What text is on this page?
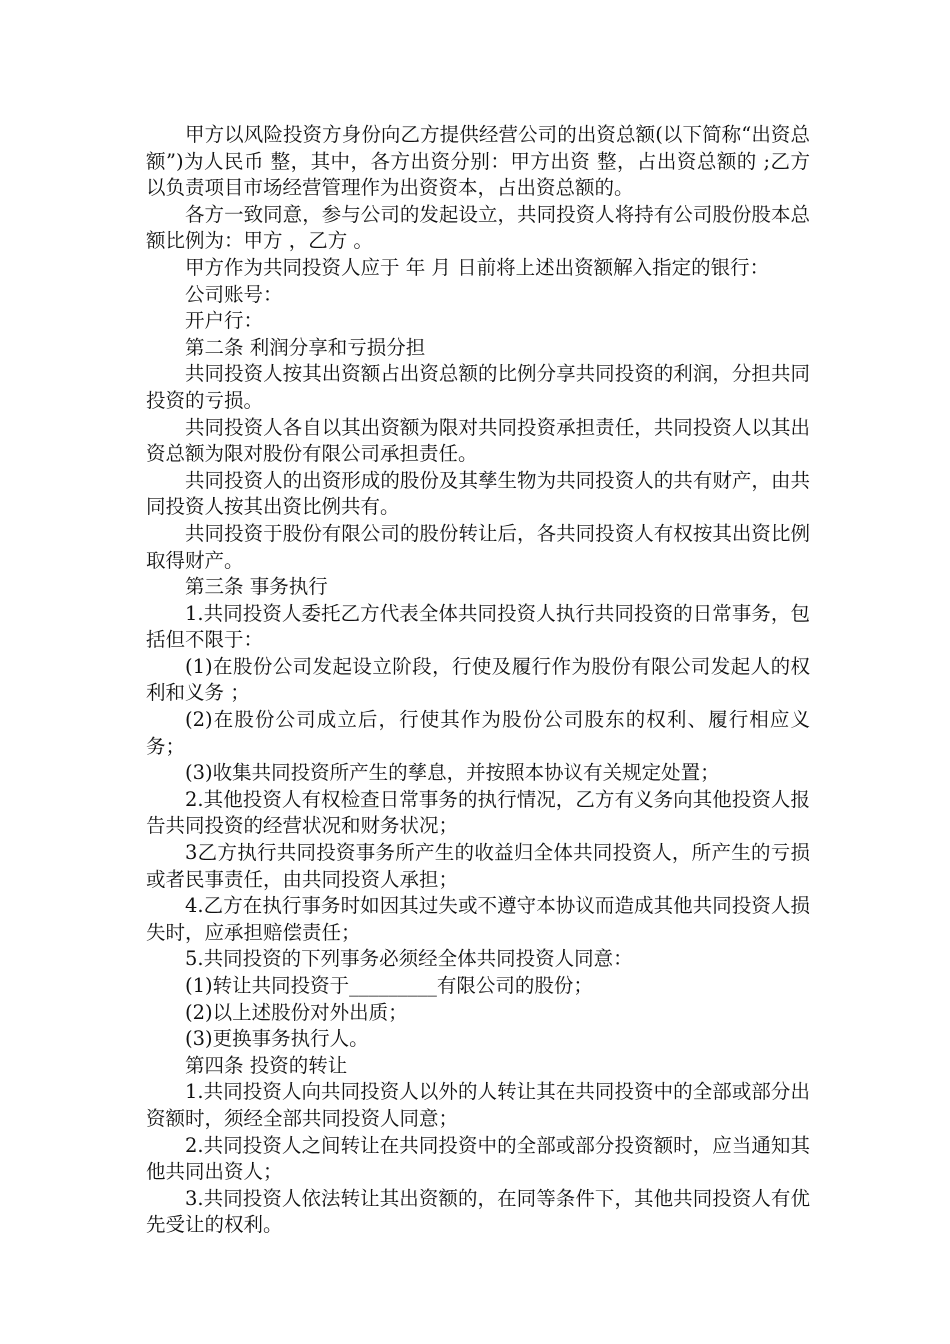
甲方以风险投资方身份向乙方提供经营公司的出资总额(以下简称“出资总额”)为人民币 整，其中，各方出资分别：甲方出资 整，占出资总额的 ;乙方以负责项目市场经营管理作为出资资本，占出资总额的。

各方一致同意，参与公司的发起设立，共同投资人将持有公司股份股本总额比例为：甲方 ，乙方 。

甲方作为共同投资人应于 年 月 日前将上述出资额解入指定的银行：

公司账号：

开户行：

第二条 利润分享和亏损分担

共同投资人按其出资额占出资总额的比例分享共同投资的利润，分担共同投资的亏损。

共同投资人各自以其出资额为限对共同投资承担责任，共同投资人以其出资总额为限对股份有限公司承担责任。

共同投资人的出资形成的股份及其孳生物为共同投资人的共有财产，由共同投资人按其出资比例共有。

共同投资于股份有限公司的股份转让后，各共同投资人有权按其出资比例取得财产。

第三条 事务执行

1.共同投资人委托乙方代表全体共同投资人执行共同投资的日常事务，包括但不限于：

(1)在股份公司发起设立阶段，行使及履行作为股份有限公司发起人的权利和义务 ；

(2)在股份公司成立后，行使其作为股份公司股东的权利、履行相应义务；

(3)收集共同投资所产生的孳息，并按照本协议有关规定处置；

2.其他投资人有权检查日常事务的执行情况，乙方有义务向其他投资人报告共同投资的经营状况和财务状况；

3乙方执行共同投资事务所产生的收益归全体共同投资人，所产生的亏损或者民事责任，由共同投资人承担；

4.乙方在执行事务时如因其过失或不遵守本协议而造成其他共同投资人损失时，应承担赔偿责任；

5.共同投资的下列事务必须经全体共同投资人同意：

(1)转让共同投资于_________有限公司的股份；

(2)以上述股份对外出质；

(3)更换事务执行人。

第四条 投资的转让

1.共同投资人向共同投资人以外的人转让其在共同投资中的全部或部分出资额时，须经全部共同投资人同意；

2.共同投资人之间转让在共同投资中的全部或部分投资额时，应当通知其他共同出资人；

3.共同投资人依法转让其出资额的，在同等条件下，其他共同投资人有优先受让的权利。
